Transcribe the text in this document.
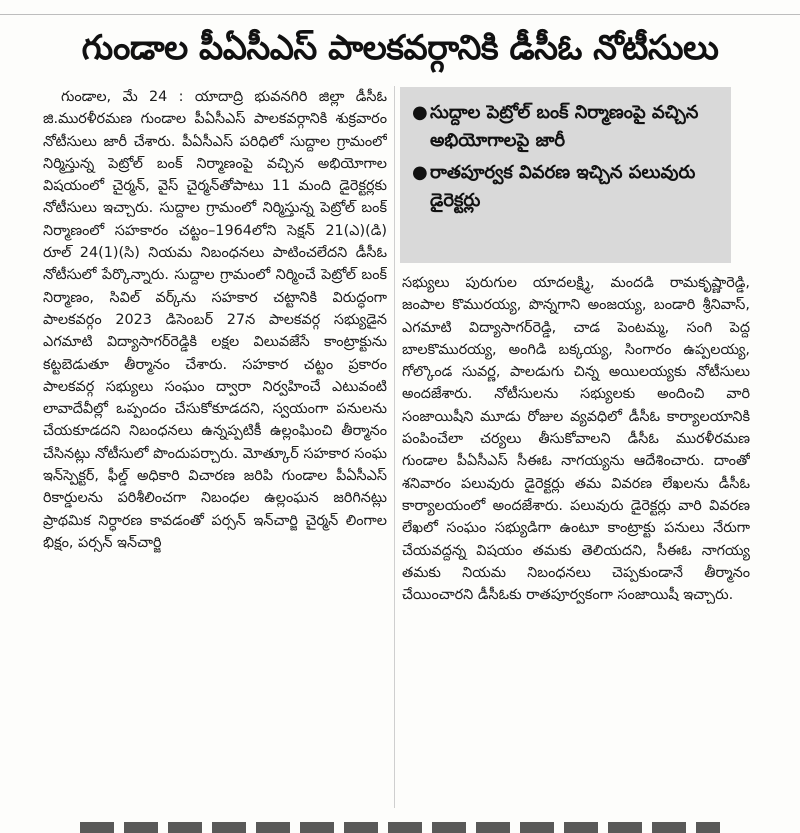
గుండాల పీఏసీఎస్ పాలకవర్గానికి డీసీఓ నోటీసులు

గుండాల, మే 24 : యాదాద్రి భువనగిరి జిల్లా డీసీఓ జి.మురళీరమణ గుండాల పీఏసీఎస్ పాలకవర్గానికి శుక్రవారం నోటీసులు జారీ చేశారు. పీఏసీఎస్ పరిధిలో సుద్దాల గ్రామంలో నిర్మిస్తున్న పెట్రోల్ బంక్ నిర్మాణంపై వచ్చిన అభియోగాల విషయంలో చైర్మన్, వైస్ చైర్మన్‌తోపాటు 11 మంది డైరెక్టర్లకు నోటీసులు ఇచ్చారు. సుద్దాల గ్రామంలో నిర్మిస్తున్న పెట్రోల్ బంక్ నిర్మాణంలో సహకారం చట్టం–1964లోని సెక్షన్ 21(ఎ)(డి) రూల్ 24(1)(సి) నియమ నిబంధనలు పాటించలేదని డీసీఓ నోటీసులో పేర్కొన్నారు. సుద్దాల గ్రామంలో నిర్మించే పెట్రోల్ బంక్ నిర్మాణం, సివిల్ వర్క్‌ను సహకార చట్టానికి విరుద్ధంగా పాలకవర్గం 2023 డిసెంబర్ 27న పాలకవర్గ సభ్యుడైన ఎగమాటి విద్యాసాగర్‌రెడ్డికి లక్షల విలువజేసే కాంట్రాక్టును కట్టబెడుతూ తీర్మానం చేశారు. సహకార చట్టం ప్రకారం పాలకవర్గ సభ్యులు సంఘం ద్వారా నిర్వహించే ఎటువంటి లావాదేవీల్లో ఒప్పందం చేసుకోకూడదని, స్వయంగా పనులను చేయకూడదని నిబంధనలు ఉన్నప్పటికీ ఉల్లంఘించి తీర్మానం చేసినట్లు నోటీసులో పొందుపర్చారు. మోత్కూర్ సహకార సంఘ ఇన్‌స్పెక్టర్, ఫీల్డ్ అధికారి విచారణ జరిపి గుండాల పీఏసీఎస్ రికార్డులను పరిశీలించగా నిబంధల ఉల్లంఘన జరిగినట్లు ప్రాథమిక నిర్ధారణ కావడంతో పర్సన్ ఇన్‌చార్జి చైర్మన్ లింగాల భిక్షం, పర్సన్ ఇన్‌చార్జి

● సుద్దాల పెట్రోల్ బంక్ నిర్మాణంపై వచ్చిన అభియోగాలపై జారీ
● రాతపూర్వక వివరణ ఇచ్చిన పలువురు డైరెక్టర్లు

సభ్యులు పురుగుల యాదలక్ష్మి, మందడి రామకృష్ణారెడ్డి, జంపాల కొమురయ్య, పొన్నగాని అంజయ్య, బండారి శ్రీనివాస్, ఎగమాటి విద్యాసాగర్‌రెడ్డి, చాడ పెంటమ్మ, సంగి పెద్ద బాలకొమురయ్య, అంగిడి బక్కయ్య, సింగారం ఉప్పలయ్య, గోల్కొండ సువర్ణ, పాలడుగు చిన్న అయిలయ్యకు నోటీసులు అందజేశారు. నోటీసులను సభ్యులకు అందించి వారి సంజాయిషీని మూడు రోజుల వ్యవధిలో డీసీఓ కార్యాలయానికి పంపించేలా చర్యలు తీసుకోవాలని డీసీఓ మురళీరమణ గుండాల పీఏసీఎస్ సీఈఓ నాగయ్యను ఆదేశించారు. దాంతో శనివారం పలువురు డైరెక్టర్లు తమ వివరణ లేఖలను డీసీఓ కార్యాలయంలో అందజేశారు. పలువురు డైరెక్టర్లు వారి వివరణ లేఖలో సంఘం సభ్యుడిగా ఉంటూ కాంట్రాక్టు పనులు నేరుగా చేయవద్దన్న విషయం తమకు తెలియదని, సీఈఓ నాగయ్య తమకు నియమ నిబంధనలు చెప్పకుండానే తీర్మానం చేయించారని డీసీఓకు రాతపూర్వకంగా సంజాయిషీ ఇచ్చారు.
